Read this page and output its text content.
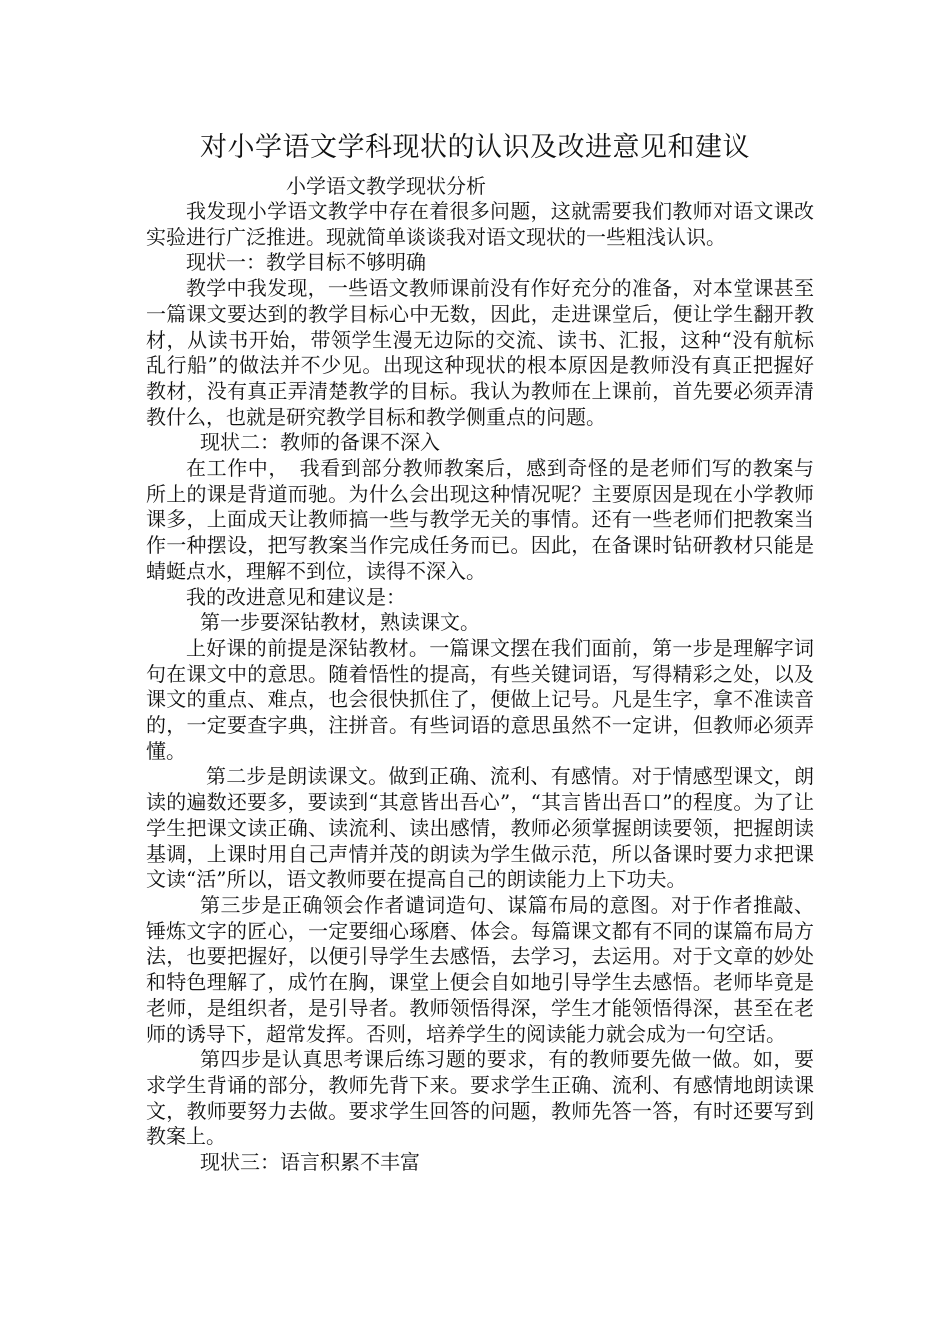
对小学语文学科现状的认识及改进意见和建议
小学语文教学现状分析

我发现小学语文教学中存在着很多问题，这就需要我们教师对语文课改实验进行广泛推进。现就简单谈谈我对语文现状的一些粗浅认识。

现状一：教学目标不够明确

教学中我发现，一些语文教师课前没有作好充分的准备，对本堂课甚至一篇课文要达到的教学目标心中无数，因此，走进课堂后，便让学生翻开教材，从读书开始，带领学生漫无边际的交流、读书、汇报，这种“没有航标乱行船”的做法并不少见。出现这种现状的根本原因是教师没有真正把握好教材，没有真正弄清楚教学的目标。我认为教师在上课前，首先要必须弄清教什么，也就是研究教学目标和教学侧重点的问题。

现状二：教师的备课不深入

在工作中，　我看到部分教师教案后，感到奇怪的是老师们写的教案与所上的课是背道而驰。为什么会出现这种情况呢？主要原因是现在小学教师课多，上面成天让教师搞一些与教学无关的事情。还有一些老师们把教案当作一种摆设，把写教案当作完成任务而已。因此，在备课时钻研教材只能是蜻蜓点水，理解不到位，读得不深入。

我的改进意见和建议是：

第一步要深钻教材，熟读课文。

上好课的前提是深钻教材。一篇课文摆在我们面前，第一步是理解字词句在课文中的意思。随着悟性的提高，有些关键词语，写得精彩之处，以及课文的重点、难点，也会很快抓住了，便做上记号。凡是生字，拿不准读音的，一定要查字典，注拼音。有些词语的意思虽然不一定讲，但教师必须弄懂。

第二步是朗读课文。做到正确、流利、有感情。对于情感型课文，朗读的遍数还要多，要读到“其意皆出吾心”，“其言皆出吾口”的程度。为了让学生把课文读正确、读流利、读出感情，教师必须掌握朗读要领，把握朗读基调，上课时用自己声情并茂的朗读为学生做示范，所以备课时要力求把课文读“活”所以，语文教师要在提高自己的朗读能力上下功夫。

第三步是正确领会作者谴词造句、谋篇布局的意图。对于作者推敲、锤炼文字的匠心，一定要细心琢磨、体会。每篇课文都有不同的谋篇布局方法，也要把握好，以便引导学生去感悟，去学习，去运用。对于文章的妙处和特色理解了，成竹在胸，课堂上便会自如地引导学生去感悟。老师毕竟是老师，是组织者，是引导者。教师领悟得深，学生才能领悟得深，甚至在老师的诱导下，超常发挥。否则，培养学生的阅读能力就会成为一句空话。

第四步是认真思考课后练习题的要求，有的教师要先做一做。如，要求学生背诵的部分，教师先背下来。要求学生正确、流利、有感情地朗读课文，教师要努力去做。要求学生回答的问题，教师先答一答，有时还要写到教案上。

现状三：语言积累不丰富
